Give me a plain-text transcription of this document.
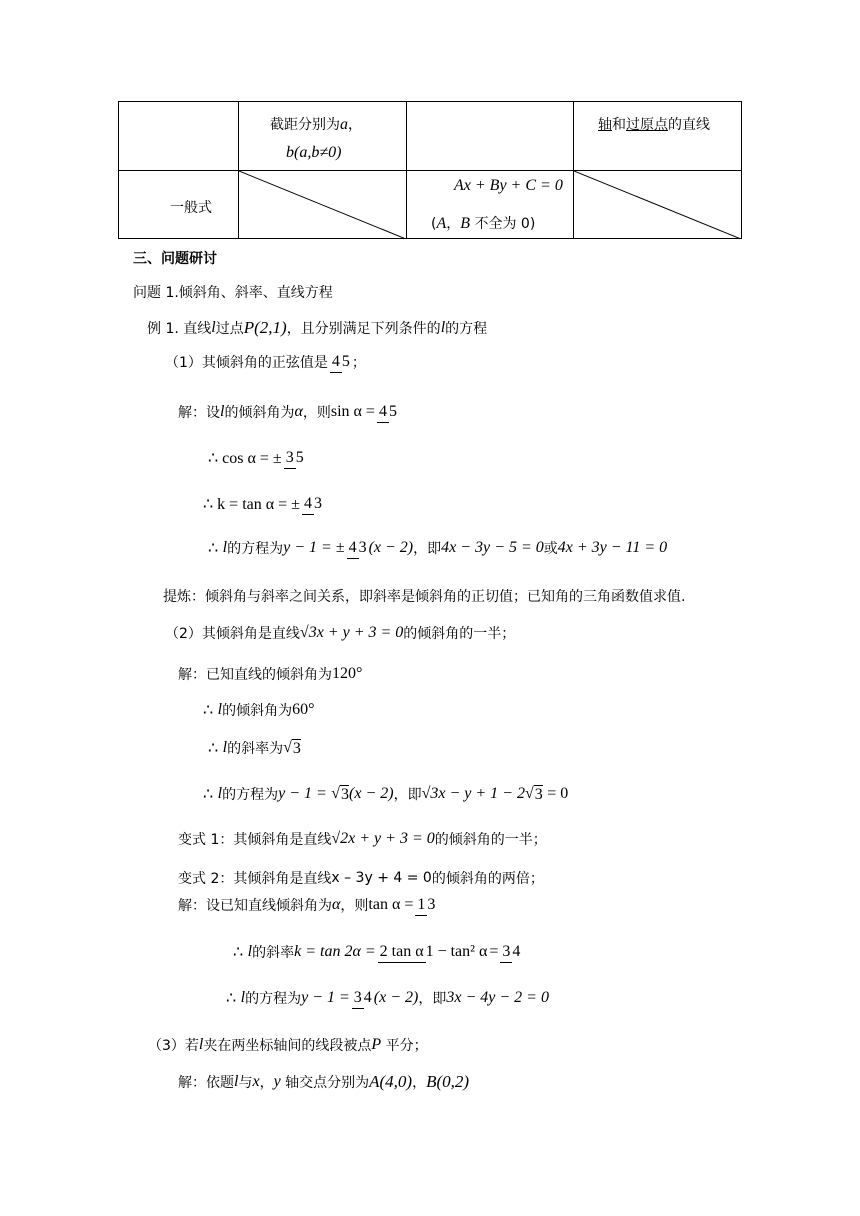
	截距分别为a，
b(a,b≠0)		轴和过原点的直线

一般式		Ax + By + C = 0
(A，B 不全为 0)

三、问题研讨
问题 1.倾斜角、斜率、直线方程
例 1. 直线 l 过点 P(2,1) ，且分别满足下列条件的 l 的方程
（1）其倾斜角的正弦值是 4 5 ；
解：设 l 的倾斜角为 α ，则 sin α = 4 5
∴ cos α = ± 3 5
∴ k = tan α = ± 4 3
∴
l 的方程为 y − 1 = ± 4 3 (x − 2) ，即 4x − 3y − 5 = 0 或 4x + 3y − 11 = 0
提炼：倾斜角与斜率之间关系，即斜率是倾斜角的正切值；已知角的三角函数值求值.
（2）其倾斜角是直线 √ 3x + y + 3 = 0 的倾斜角的一半；
解：已知直线的倾斜角为 120°
∴
l 的倾斜角为 60°
∴
l 的斜率为 √ 3
∴
l 的方程为 y − 1 =
√ 3 (x − 2) ，即 √ 3x − y + 1 − 2 √ 3
= 0
变式 1：其倾斜角是直线 √ 2x + y + 3 = 0 的倾斜角的一半；
变式 2：其倾斜角是直线 x – 3y + 4 = 0 的倾斜角的两倍；
解：设已知直线倾斜角为 α ，则 tan α = 1 3
∴
l 的斜率 k = tan 2α = 2 tan α 1 − tan² α = 3 4
∴
l 的方程为 y − 1 = 3 4 (x − 2) ，即 3x − 4y − 2 = 0
（3）若 l 夹在两坐标轴间的线段被点 P
平分；
解：依题 l 与 x ， y
轴交点分别为 A(4,0) ， B(0,2)
